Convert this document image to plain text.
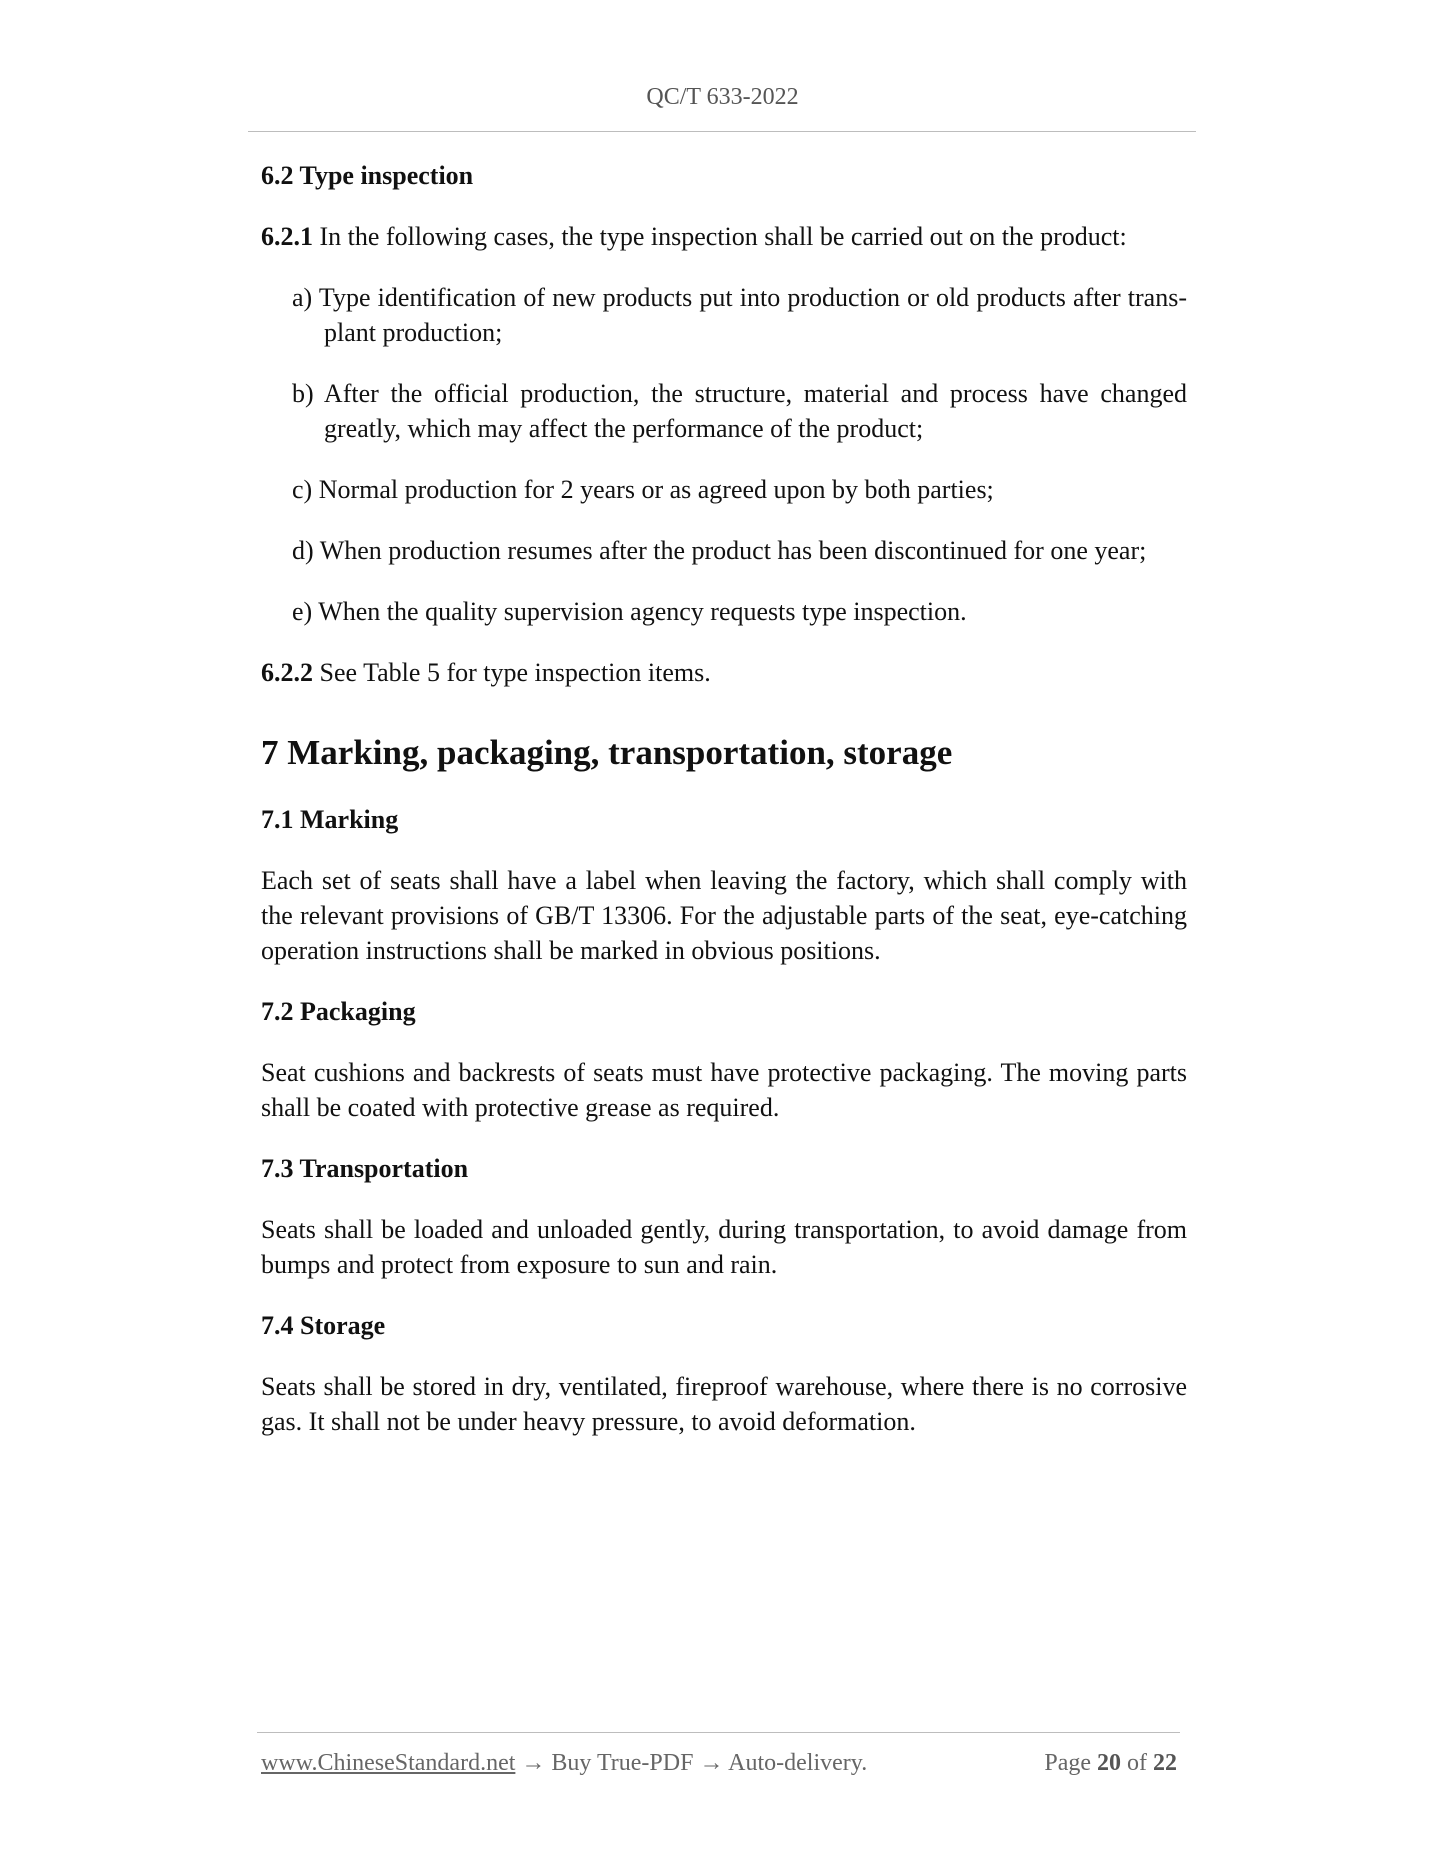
QC/T 633-2022
6.2 Type inspection
6.2.1 In the following cases, the type inspection shall be carried out on the product:
a) Type identification of new products put into production or old products after trans-plant production;
b) After the official production, the structure, material and process have changed greatly, which may affect the performance of the product;
c) Normal production for 2 years or as agreed upon by both parties;
d) When production resumes after the product has been discontinued for one year;
e) When the quality supervision agency requests type inspection.
6.2.2 See Table 5 for type inspection items.
7 Marking, packaging, transportation, storage
7.1 Marking
Each set of seats shall have a label when leaving the factory, which shall comply with the relevant provisions of GB/T 13306. For the adjustable parts of the seat, eye-catching operation instructions shall be marked in obvious positions.
7.2 Packaging
Seat cushions and backrests of seats must have protective packaging. The moving parts shall be coated with protective grease as required.
7.3 Transportation
Seats shall be loaded and unloaded gently, during transportation, to avoid damage from bumps and protect from exposure to sun and rain.
7.4 Storage
Seats shall be stored in dry, ventilated, fireproof warehouse, where there is no corrosive gas. It shall not be under heavy pressure, to avoid deformation.
www.ChineseStandard.net → Buy True-PDF → Auto-delivery.	Page 20 of 22
